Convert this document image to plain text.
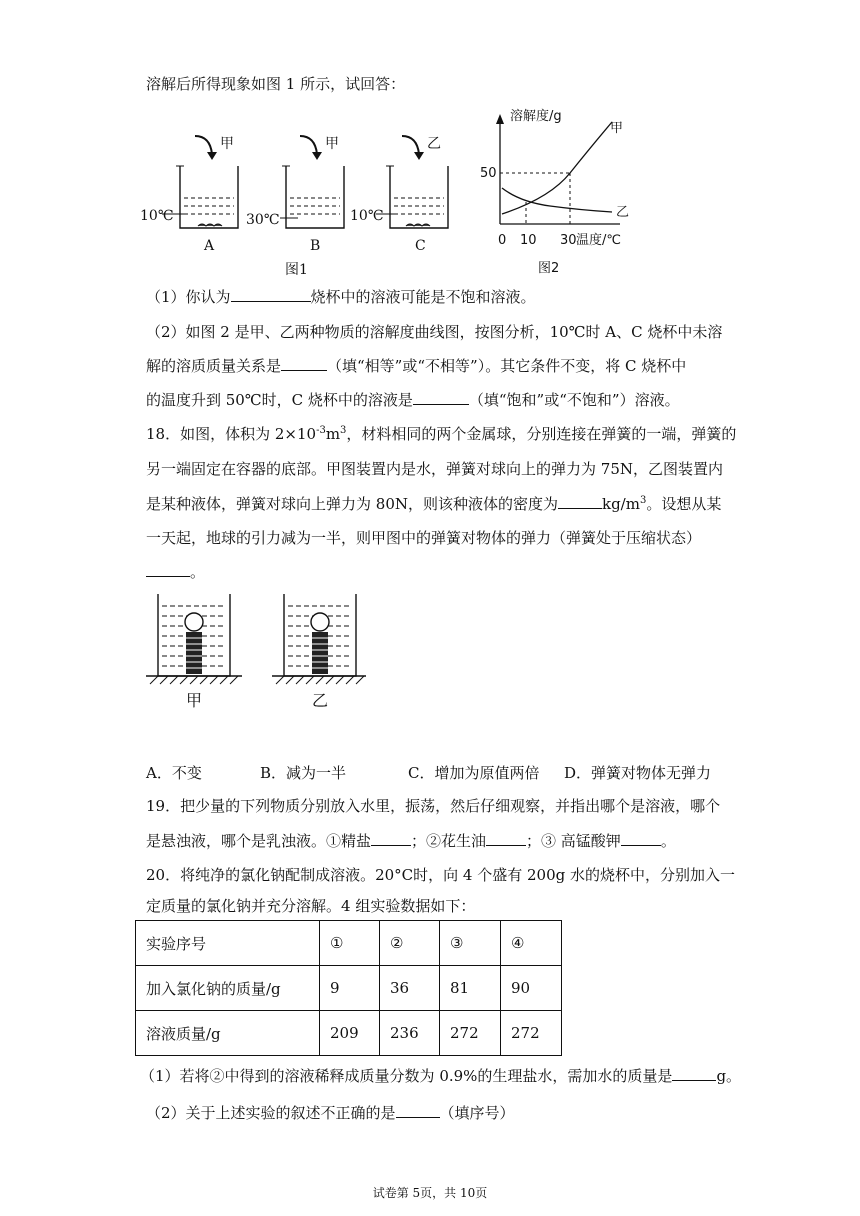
溶解后所得现象如图 1 所示，试回答：
甲
10℃
A
甲
30℃
B
乙
10℃
C
图1
溶解度/g
50
甲
乙
0 10 30 温度/℃
图2
（1）你认为	烧杯中的溶液可能是不饱和溶液。
（2）如图 2 是甲、乙两种物质的溶解度曲线图，按图分析，10℃时 A、C 烧杯中未溶
解的溶质质量关系是	（填“相等”或“不相等”）。其它条件不变，将 C 烧杯中
的温度升到 50℃时，C 烧杯中的溶液是	（填“饱和”或“不饱和”）溶液。
18．如图，体积为 $2\times 10^{-3}m^3$，材料相同的两个金属球，分别连接在弹簧的一端，弹簧的
另一端固定在容器的底部。甲图装置内是水，弹簧对球向上的弹力为 75N，乙图装置内
是某种液体，弹簧对球向上弹力为 80N，则该种液体的密度为	$kg/m^3$。设想从某
一天起，地球的引力减为一半，则甲图中的弹簧对物体的弹力（弹簧处于压缩状态）
。
甲	乙
A．不变	B．减为一半	C．增加为原值两倍 D．弹簧对物体无弹力
19．把少量的下列物质分别放入水里，振荡，然后仔细观察，并指出哪个是溶液，哪个
是悬浊液，哪个是乳浊液。①精盐	；②花生油	；③ 高锰酸钾	。
20．将纯净的氯化钠配制成溶液。20°C时，向 4 个盛有 200g 水的烧杯中，分别加入一
定质量的氯化钠并充分溶解。4 组实验数据如下：
实验序号	①	②	③	④
加入氯化钠的质量/g	9	36	81	90
溶液质量/g	209	236	272	272
（1）若将②中得到的溶液稀释成质量分数为 0.9%的生理盐水，需加水的质量是	g。
（2）关于上述实验的叙述不正确的是	（填序号）
试卷第 5页，共 10页
